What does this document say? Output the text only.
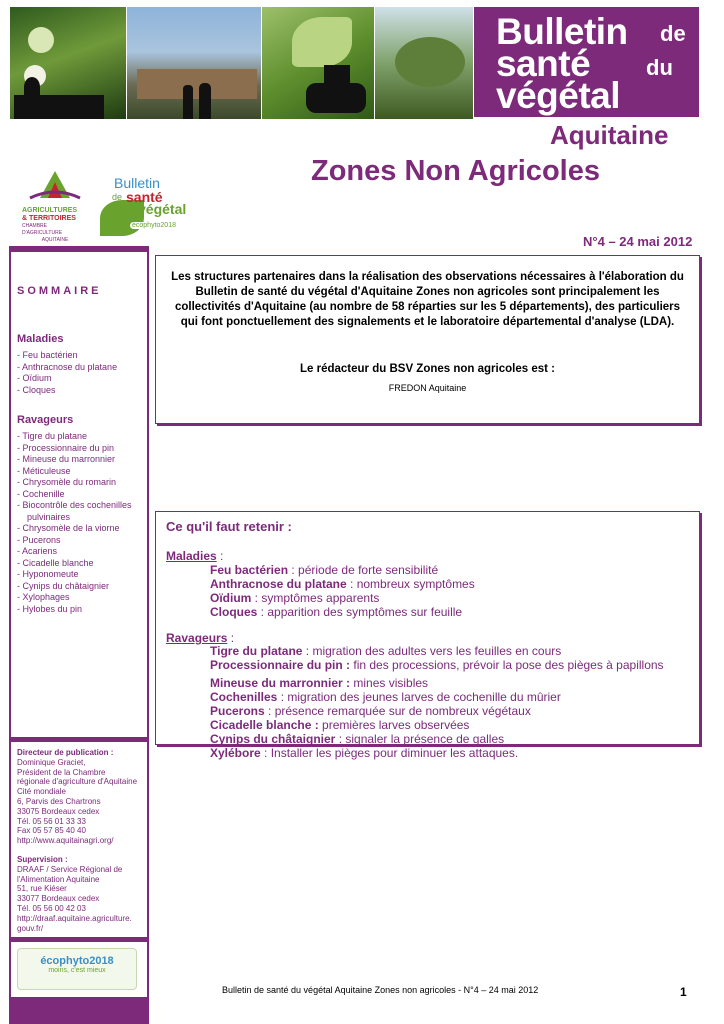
Bulletin de
santé	du
végétal
Aquitaine
Zones Non Agricoles
AGRICULTURES
& TERRITOIRES
CHAMBRE D'AGRICULTURE
AQUITAINE
Bulletin
de santé
du végétal
écophyto2018
N°4 – 24 mai 2012
écophyto2018
moins, c'est mieux
SOMMAIRE
Maladies
- Feu bactérien
- Anthracnose du platane
- Oïdium
- Cloques
Ravageurs
- Tigre du platane
- Processionnaire du pin
- Mineuse du marronnier
- Méticuleuse
- Chrysomèle du romarin
- Cochenille
- Biocontrôle des cochenilles pulvinaires
- Chrysomèle de la viorne
- Pucerons
- Acariens
- Cicadelle blanche
- Hyponomeute
- Cynips du châtaignier
- Xylophages
- Hylobes du pin
Directeur de publication :
Dominique Graciet,
Président de la Chambre
régionale d'agriculture d'Aquitaine
Cité mondiale
6, Parvis des Chartrons
33075 Bordeaux cedex
Tél. 05 56 01 33 33
Fax 05 57 85 40 40
http://www.aquitainagri.org/
Supervision :
DRAAF / Service Régional de
l'Alimentation Aquitaine
51, rue Kiéser
33077 Bordeaux cedex
Tél. 05 56 00 42 03
http://draaf.aquitaine.agriculture.
gouv.fr/
Les structures partenaires dans la réalisation des observations nécessaires à l'élaboration du Bulletin de santé du végétal d'Aquitaine Zones non agricoles sont principalement les collectivités d'Aquitaine (au nombre de 58 réparties sur les 5 départements), des particuliers qui font ponctuellement des signalements et le laboratoire départemental d'analyse (LDA).
Le rédacteur du BSV Zones non agricoles est :
FREDON Aquitaine
Ce qu'il faut retenir :
Maladies :
Feu bactérien : période de forte sensibilité
Anthracnose du platane : nombreux symptômes
Oïdium : symptômes apparents
Cloques : apparition des symptômes sur feuille
Ravageurs :
Tigre du platane : migration des adultes vers les feuilles en cours
Processionnaire du pin : fin des processions, prévoir la pose des pièges à papillons
Mineuse du marronnier : mines visibles
Cochenilles : migration des jeunes larves de cochenille du mûrier
Pucerons : présence remarquée sur de nombreux végétaux
Cicadelle blanche : premières larves observées
Cynips du châtaignier : signaler la présence de galles
Xylébore : Installer les pièges pour diminuer les attaques.
Bulletin de santé du végétal Aquitaine Zones non agricoles - N°4 – 24 mai 2012	1
